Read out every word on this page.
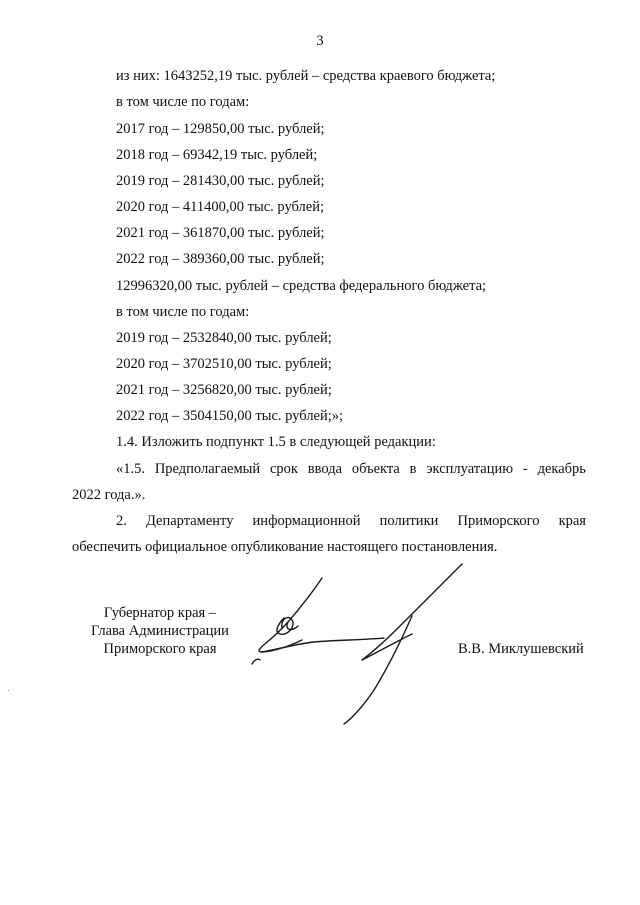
3
из них: 1643252,19 тыс. рублей – средства краевого бюджета;
в том числе по годам:
2017 год – 129850,00 тыс. рублей;
2018 год – 69342,19 тыс. рублей;
2019 год – 281430,00 тыс. рублей;
2020 год – 411400,00 тыс. рублей;
2021 год – 361870,00 тыс. рублей;
2022 год – 389360,00 тыс. рублей;
12996320,00 тыс. рублей – средства федерального бюджета;
в том числе по годам:
2019 год – 2532840,00 тыс. рублей;
2020 год – 3702510,00 тыс. рублей;
2021 год – 3256820,00 тыс. рублей;
2022 год – 3504150,00 тыс. рублей;»;
1.4. Изложить подпункт 1.5 в следующей редакции:
«1.5. Предполагаемый срок ввода объекта в эксплуатацию - декабрь
2022 года.».
2. Департаменту информационной политики Приморского края
обеспечить официальное опубликование настоящего постановления.
Губернатор края –
Глава Администрации
Приморского края	В.В. Миклушевский
